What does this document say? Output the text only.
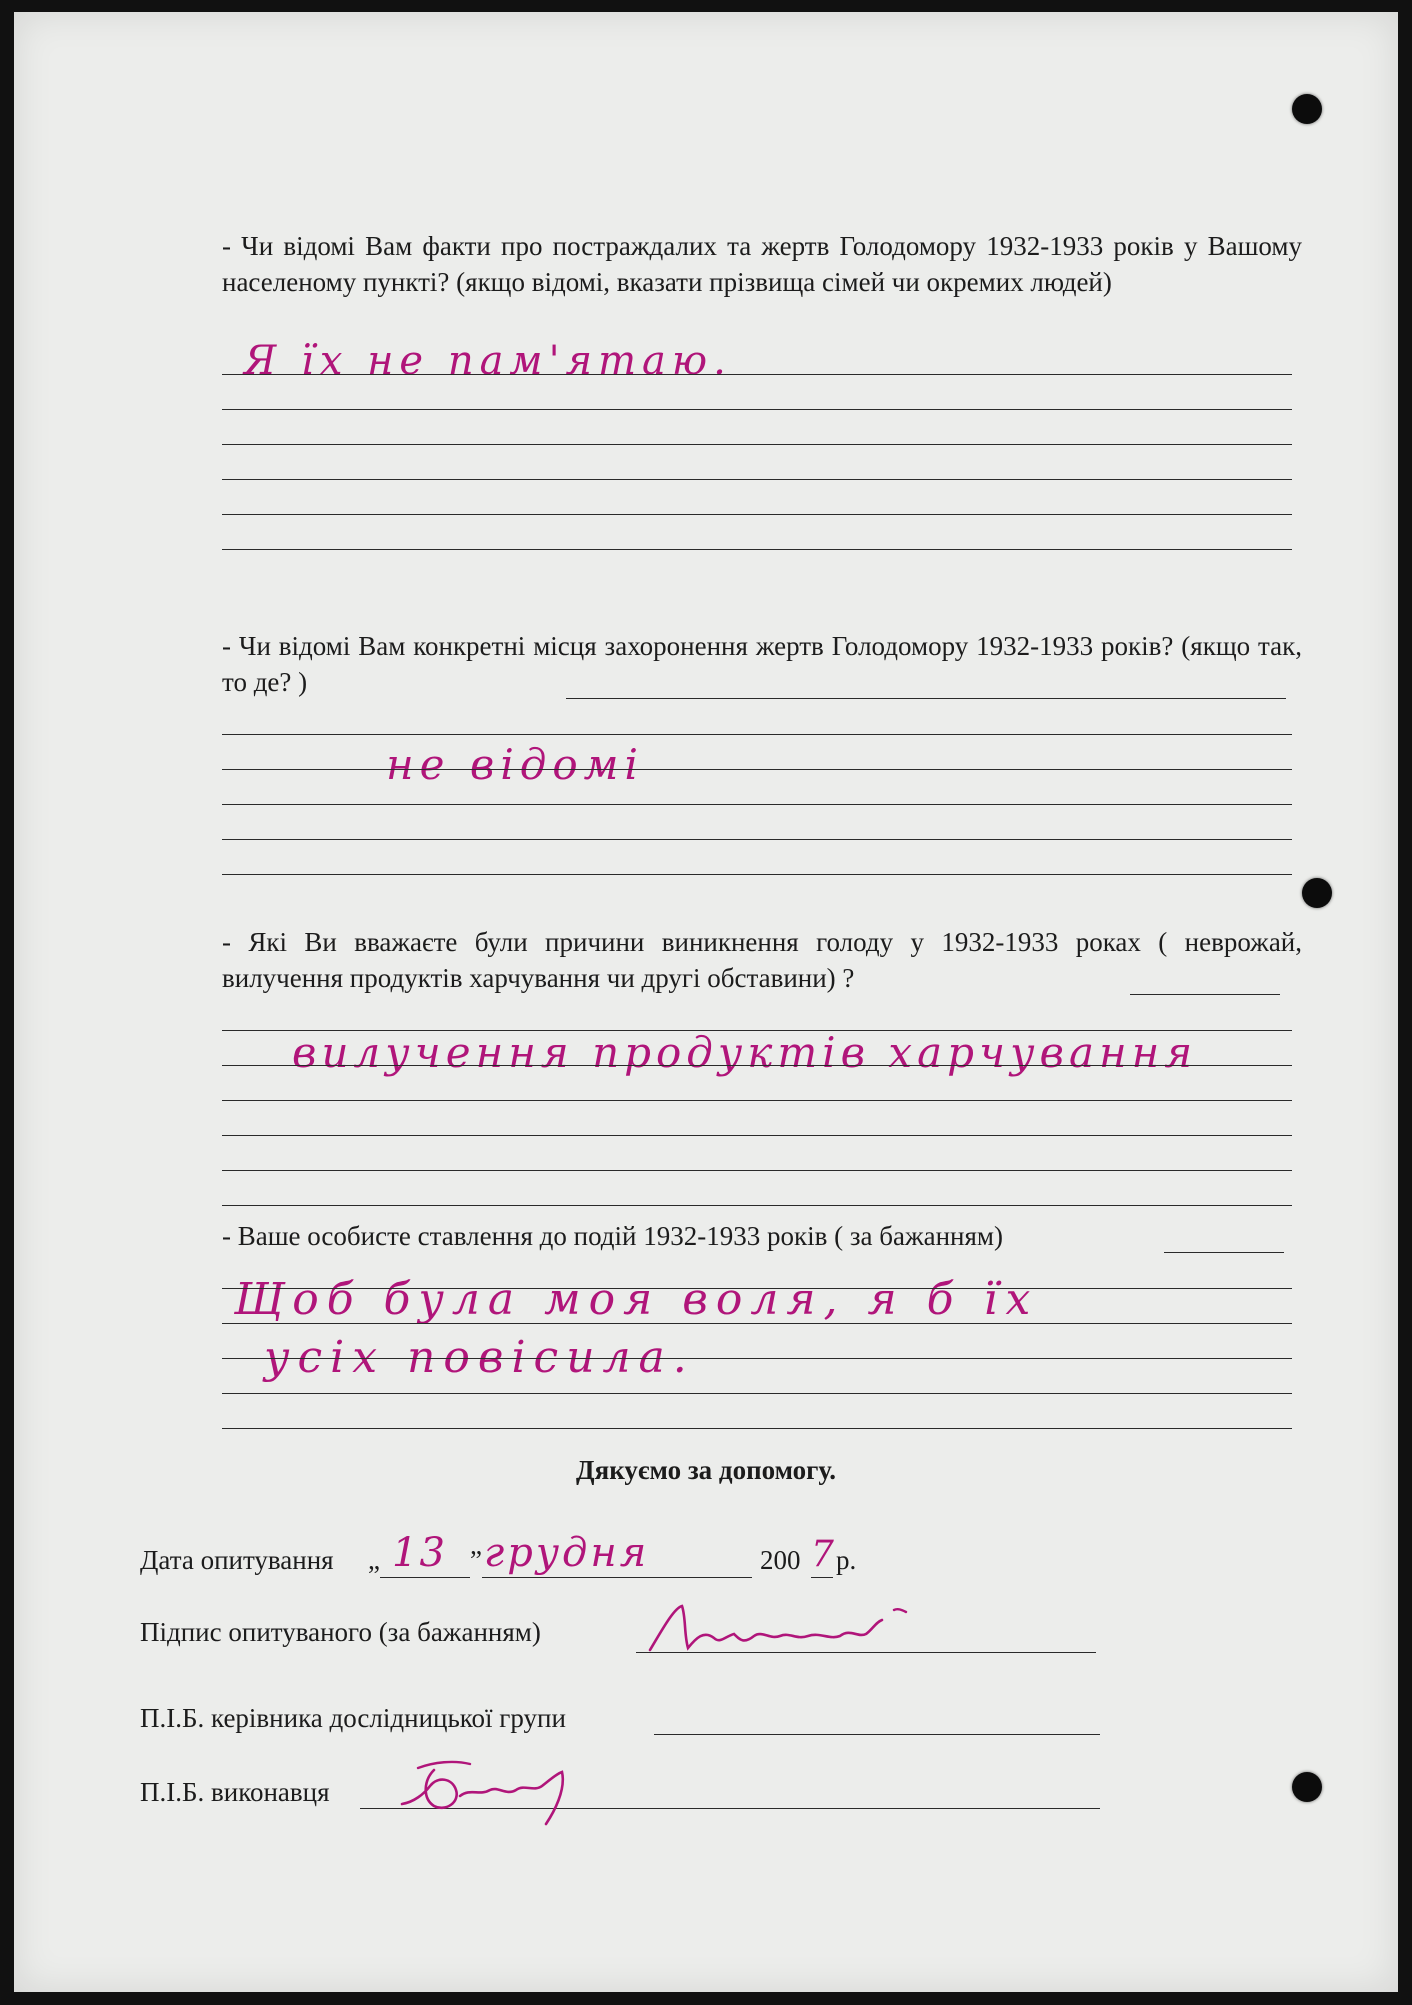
- Чи відомі Вам факти про постраждалих та жертв Голодомору 1932-1933 років у Вашому населеному пункті? (якщо відомі, вказати прізвища сімей чи окремих людей)
Я їх не пам'ятаю.
- Чи відомі Вам конкретні місця захоронення жертв Голодомору 1932-1933 років? (якщо так, то де? )
не відомі
- Які Ви вважаєте були причини виникнення голоду у 1932-1933 роках ( неврожай, вилучення продуктів харчування чи другі обставини) ?
вилучення продуктів харчування
- Ваше особисте ставлення до подій 1932-1933 років ( за бажанням)
Щоб була моя воля, я б їх
усіх повісила.
Дякуємо за допомогу.
Дата опитування „ 13 ” грудня	200 7 р.
Підпис опитуваного (за бажанням)
П.І.Б. керівника дослідницької групи
П.І.Б. виконавця
